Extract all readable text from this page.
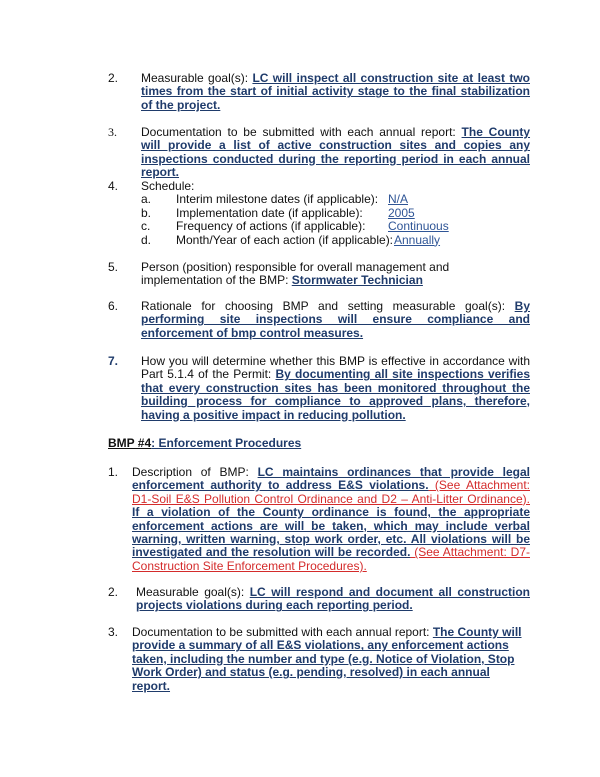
2. Measurable goal(s): LC will inspect all construction site at least two times from the start of initial activity stage to the final stabilization of the project.
3. Documentation to be submitted with each annual report: The County will provide a list of active construction sites and copies any inspections conducted during the reporting period in each annual report.
4. Schedule:
a. Interim milestone dates (if applicable): N/A
b. Implementation date (if applicable): 2005
c. Frequency of actions (if applicable): Continuous
d. Month/Year of each action (if applicable): Annually
5. Person (position) responsible for overall management and implementation of the BMP: Stormwater Technician
6. Rationale for choosing BMP and setting measurable goal(s): By performing site inspections will ensure compliance and enforcement of bmp control measures.
7. How you will determine whether this BMP is effective in accordance with Part 5.1.4 of the Permit: By documenting all site inspections verifies that every construction sites has been monitored throughout the building process for compliance to approved plans, therefore, having a positive impact in reducing pollution.
BMP #4: Enforcement Procedures
1. Description of BMP: LC maintains ordinances that provide legal enforcement authority to address E&S violations. (See Attachment: D1-Soil E&S Pollution Control Ordinance and D2 – Anti-Litter Ordinance). If a violation of the County ordinance is found, the appropriate enforcement actions are will be taken, which may include verbal warning, written warning, stop work order, etc. All violations will be investigated and the resolution will be recorded. (See Attachment: D7-Construction Site Enforcement Procedures).
2. Measurable goal(s): LC will respond and document all construction projects violations during each reporting period.
3. Documentation to be submitted with each annual report: The County will provide a summary of all E&S violations, any enforcement actions taken, including the number and type (e.g. Notice of Violation, Stop Work Order) and status (e.g. pending, resolved) in each annual report.
